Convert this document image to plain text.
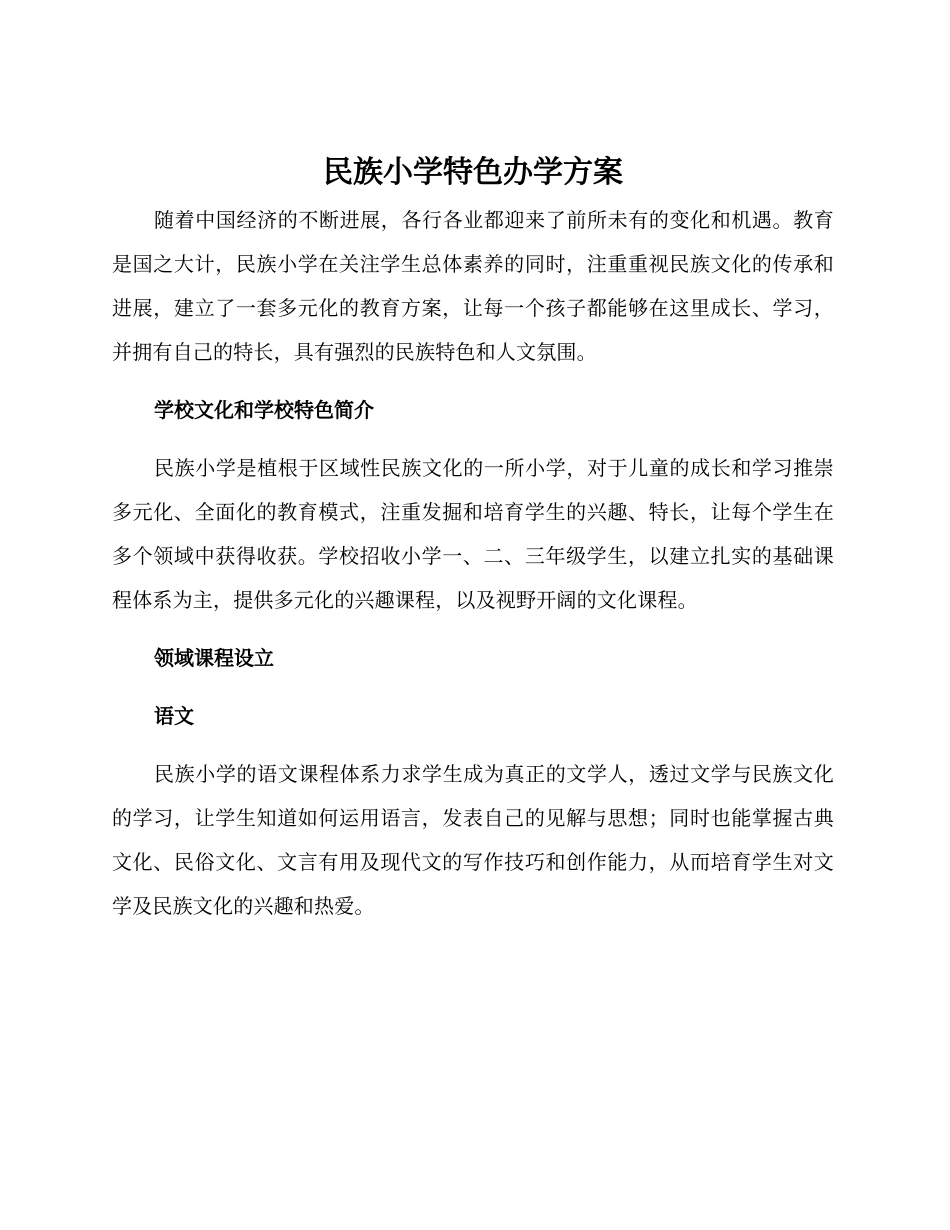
民族小学特色办学方案

随着中国经济的不断进展，各行各业都迎来了前所未有的变化和机遇。教育是国之大计，民族小学在关注学生总体素养的同时，注重重视民族文化的传承和进展，建立了一套多元化的教育方案，让每一个孩子都能够在这里成长、学习，并拥有自己的特长，具有强烈的民族特色和人文氛围。

学校文化和学校特色简介

民族小学是植根于区域性民族文化的一所小学，对于儿童的成长和学习推崇多元化、全面化的教育模式，注重发掘和培育学生的兴趣、特长，让每个学生在多个领域中获得收获。学校招收小学一、二、三年级学生，以建立扎实的基础课程体系为主，提供多元化的兴趣课程，以及视野开阔的文化课程。

领域课程设立
语文

民族小学的语文课程体系力求学生成为真正的文学人，透过文学与民族文化的学习，让学生知道如何运用语言，发表自己的见解与思想；同时也能掌握古典文化、民俗文化、文言有用及现代文的写作技巧和创作能力，从而培育学生对文学及民族文化的兴趣和热爱。
